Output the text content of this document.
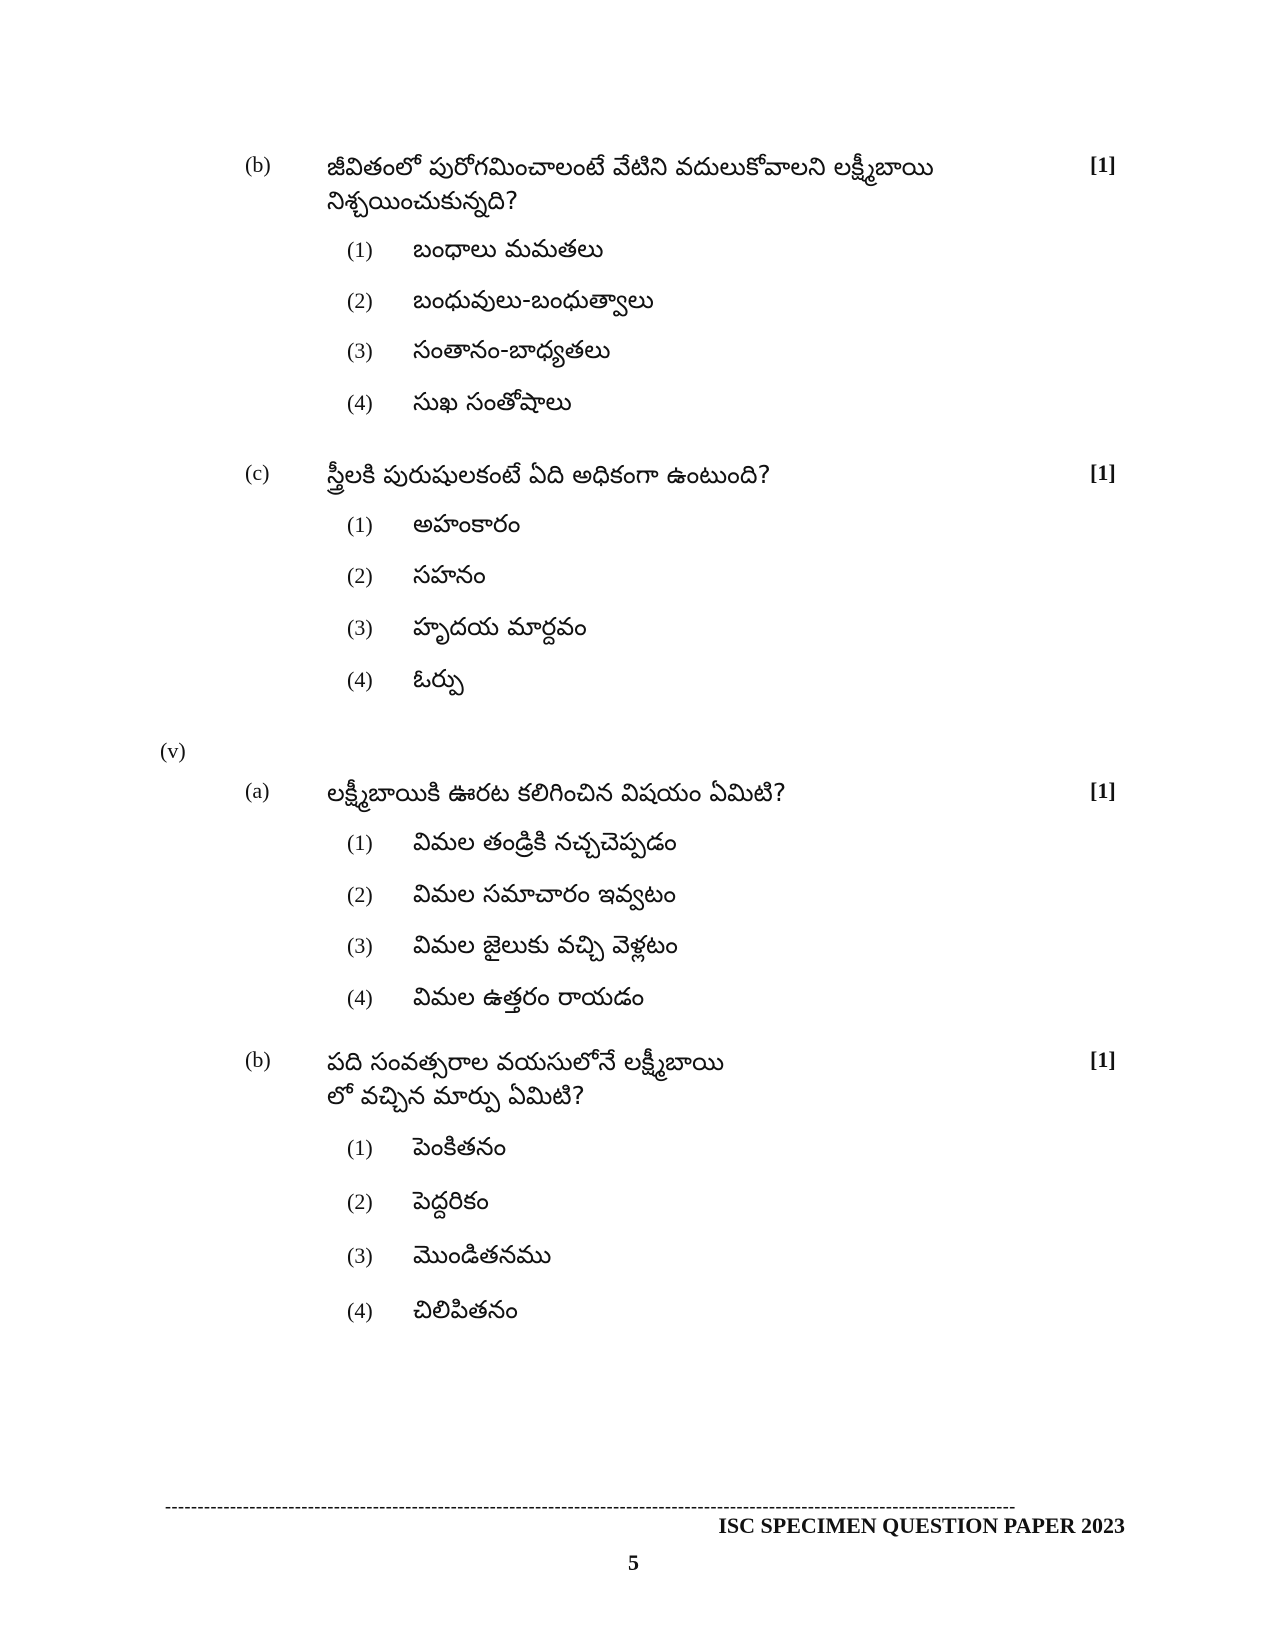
(b) జీవితంలో పురోగమించాలంటే వేటిని వదులుకోవాలని లక్ష్మీబాయి
నిశ్చయించుకున్నది?
[1]
(1) బంధాలు మమతలు
(2) బంధువులు-బంధుత్వాలు
(3) సంతానం-బాధ్యతలు
(4) సుఖ సంతోషాలు
(c) స్త్రీలకి పురుషులకంటే ఏది అధికంగా ఉంటుంది?	[1]
(1) అహంకారం
(2) సహనం
(3) హృదయ మార్దవం
(4) ఓర్పు
(v)
(a) లక్ష్మీబాయికి ఊరట కలిగించిన విషయం ఏమిటి?	[1]
(1) విమల తండ్రికి నచ్చచెప్పడం
(2) విమల సమాచారం ఇవ్వటం
(3) విమల జైలుకు వచ్చి వెళ్లటం
(4) విమల ఉత్తరం రాయడం
(b) పది సంవత్సరాల వయసులోనే లక్ష్మీబాయి
లో వచ్చిన మార్పు ఏమిటి?
[1]
(1) పెంకితనం
(2) పెద్దరికం
(3) మొండితనము
(4) చిలిపితనం
-----------------------------------------------------------------------------------------------------------------------------------
ISC SPECIMEN QUESTION PAPER 2023
5
